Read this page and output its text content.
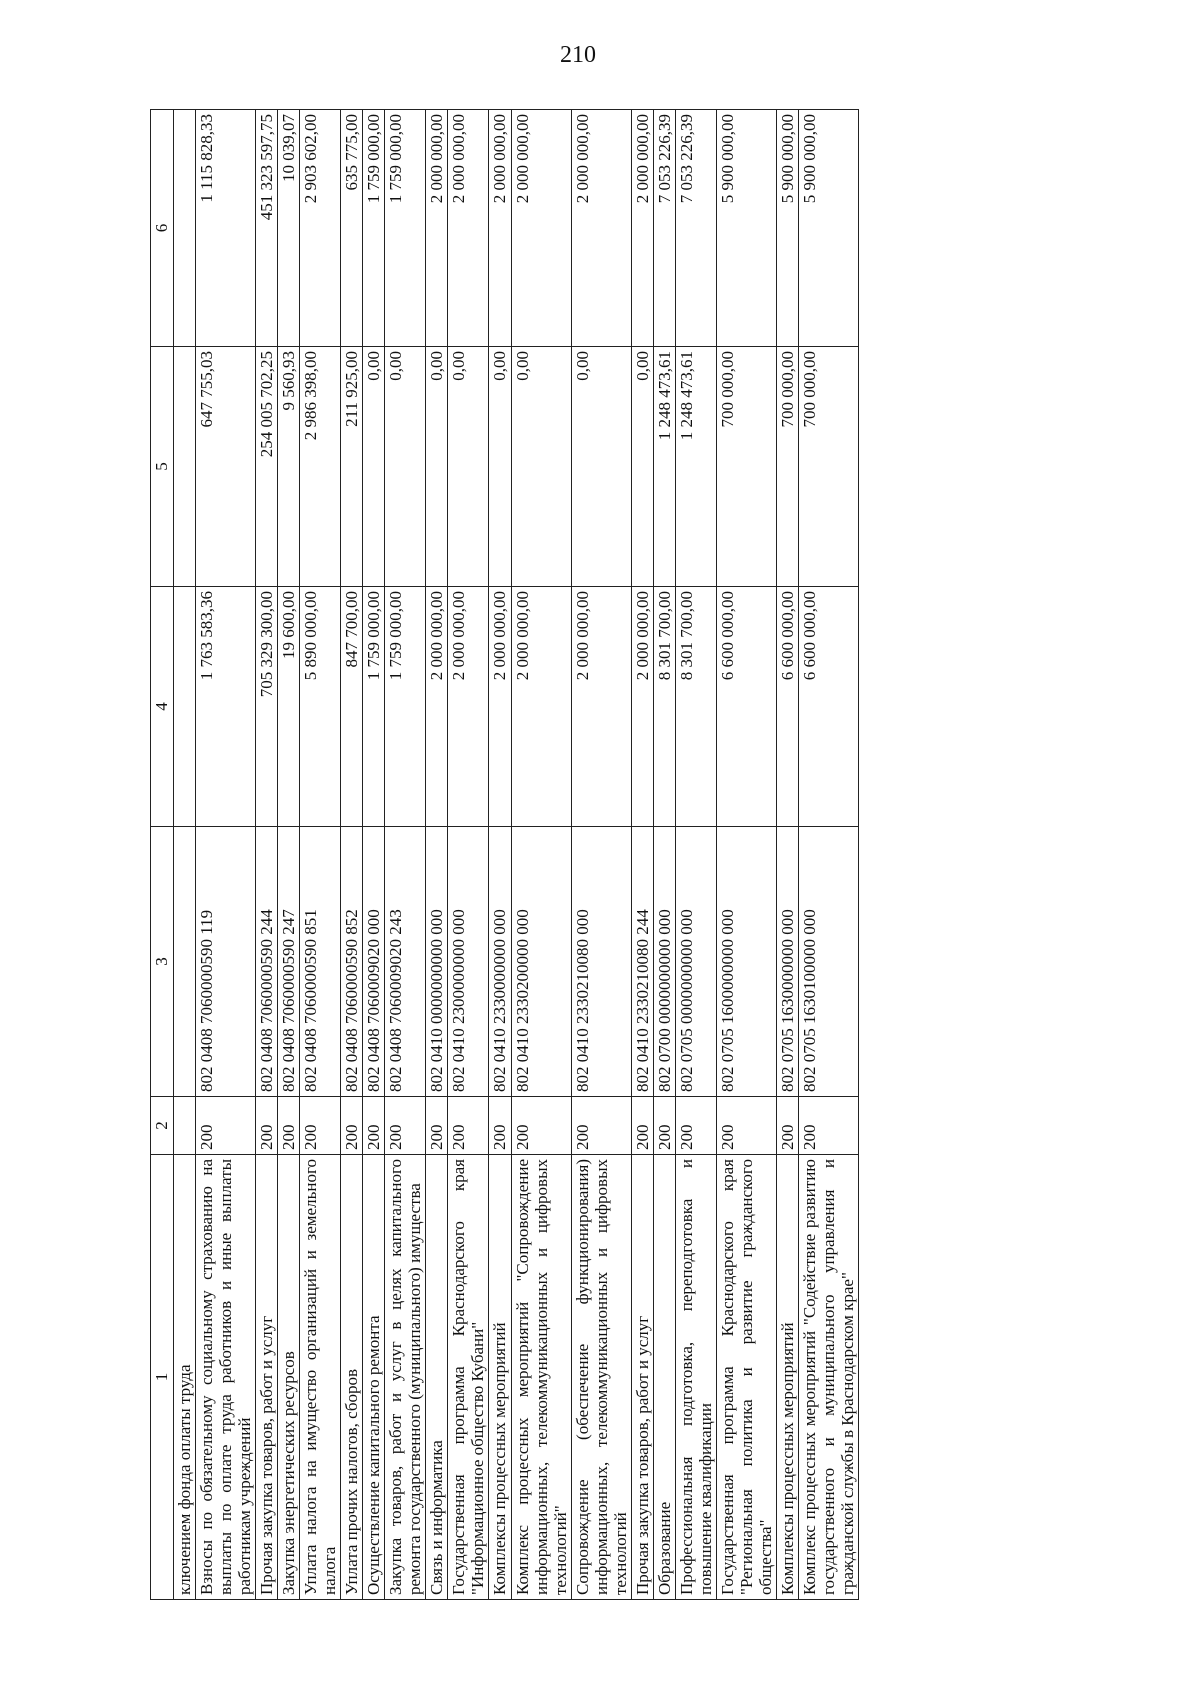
210
1	2	3	4	5	6
ключением фонда оплаты труда					
Взносы по обязательному социальному страхованию на выплаты по оплате труда работников и иные выплаты работникам учреждений	200	802 0408 7060000590 119	1 763 583,36	647 755,03	1 115 828,33
Прочая закупка товаров, работ и услуг	200	802 0408 7060000590 244	705 329 300,00	254 005 702,25	451 323 597,75
Закупка энергетических ресурсов	200	802 0408 7060000590 247	19 600,00	9 560,93	10 039,07
Уплата налога на имущество организаций и земельного налога	200	802 0408 7060000590 851	5 890 000,00	2 986 398,00	2 903 602,00
Уплата прочих налогов, сборов	200	802 0408 7060000590 852	847 700,00	211 925,00	635 775,00
Осуществление капитального ремонта	200	802 0408 7060009020 000	1 759 000,00	0,00	1 759 000,00
Закупка товаров, работ и услуг в целях капитального ремонта государственного (муниципального) имущества	200	802 0408 7060009020 243	1 759 000,00	0,00	1 759 000,00
Связь и информатика	200	802 0410 0000000000 000	2 000 000,00	0,00	2 000 000,00
Государственная программа Краснодарского края "Информационное общество Кубани"	200	802 0410 2300000000 000	2 000 000,00	0,00	2 000 000,00
Комплексы процессных мероприятий	200	802 0410 2330000000 000	2 000 000,00	0,00	2 000 000,00
Комплекс процессных мероприятий "Сопровождение информационных, телекоммуникационных и цифровых технологий"	200	802 0410 2330200000 000	2 000 000,00	0,00	2 000 000,00
Сопровождение (обеспечение функционирования) информационных, телекоммуникационных и цифровых технологий	200	802 0410 2330210080 000	2 000 000,00	0,00	2 000 000,00
Прочая закупка товаров, работ и услуг	200	802 0410 2330210080 244	2 000 000,00	0,00	2 000 000,00
Образование	200	802 0700 0000000000 000	8 301 700,00	1 248 473,61	7 053 226,39
Профессиональная подготовка, переподготовка и повышение квалификации	200	802 0705 0000000000 000	8 301 700,00	1 248 473,61	7 053 226,39
Государственная программа Краснодарского края "Региональная политика и развитие гражданского общества"	200	802 0705 1600000000 000	6 600 000,00	700 000,00	5 900 000,00
Комплексы процессных мероприятий	200	802 0705 1630000000 000	6 600 000,00	700 000,00	5 900 000,00
Комплекс процессных мероприятий "Содействие развитию государственного и муниципального управления и гражданской службы в Краснодарском крае"	200	802 0705 1630100000 000	6 600 000,00	700 000,00	5 900 000,00
